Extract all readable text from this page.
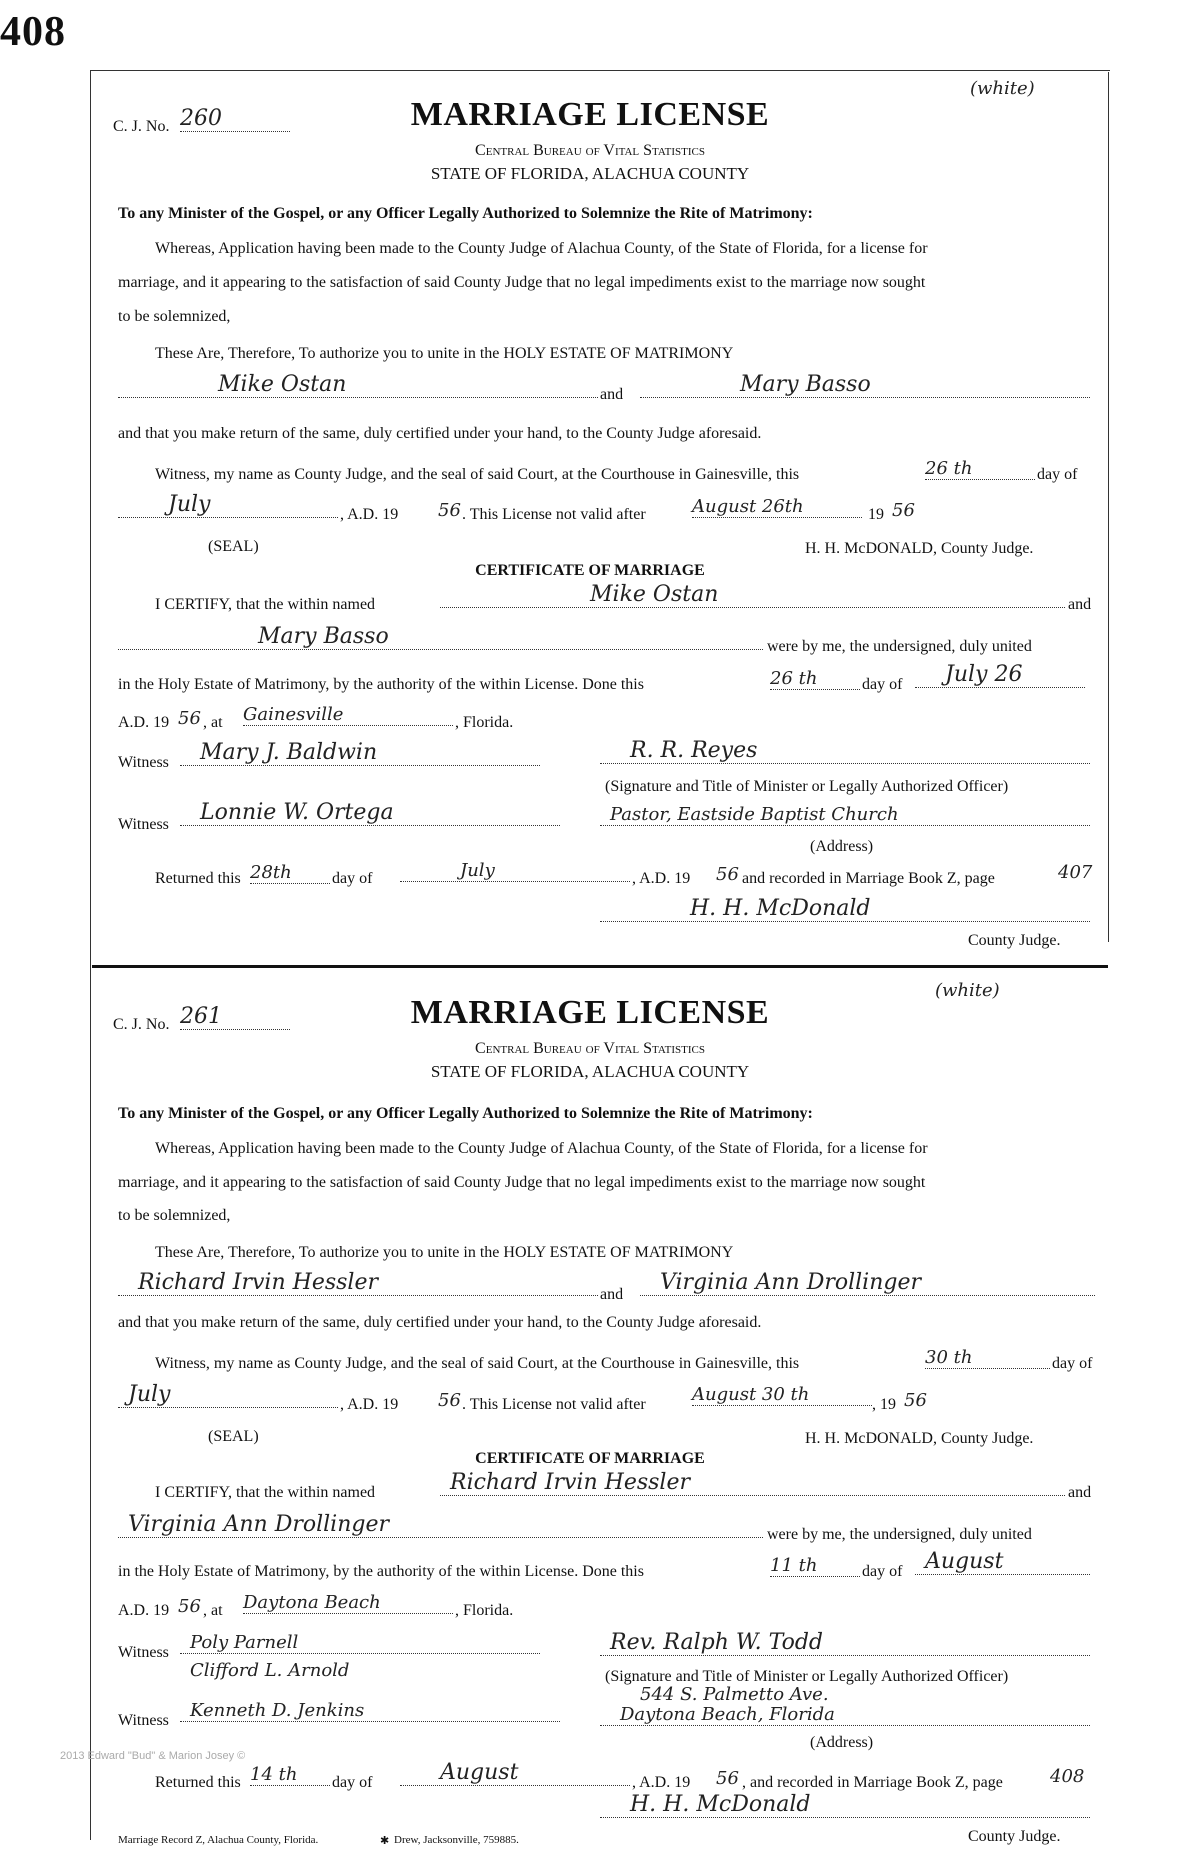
408
C. J. No. 260
(white)
MARRIAGE LICENSE
Central Bureau of Vital Statistics
STATE OF FLORIDA, ALACHUA COUNTY
To any Minister of the Gospel, or any Officer Legally Authorized to Solemnize the Rite of Matrimony:
Whereas, Application having been made to the County Judge of Alachua County, of the State of Florida, for a license for
marriage, and it appearing to the satisfaction of said County Judge that no legal impediments exist to the marriage now sought
to be solemnized,
These Are, Therefore, To authorize you to unite in the HOLY ESTATE OF MATRIMONY
Mike Ostan	and	Mary Basso
and that you make return of the same, duly certified under your hand, to the County Judge aforesaid.
Witness, my name as County Judge, and the seal of said Court, at the Courthouse in Gainesville, this	26 th	day of
July	, A.D. 19 56 . This License not valid after	August 26th	19 56
(SEAL)	H. H. McDONALD, County Judge.
CERTIFICATE OF MARRIAGE
I CERTIFY, that the within named	Mike Ostan	and
Mary Basso	were by me, the undersigned, duly united
in the Holy Estate of Matrimony, by the authority of the within License. Done this	26 th	day of	July 26
A.D. 19 56 , at Gainesville	, Florida.
Witness	Mary J. Baldwin	R. R. Reyes
(Signature and Title of Minister or Legally Authorized Officer)
Witness	Lonnie W. Ortega	Pastor, Eastside Baptist Church
(Address)
Returned this 28th	day of	July	, A.D. 19 56 and recorded in Marriage Book Z, page	407
H. H. McDonald
County Judge.
C. J. No. 261
(white)
MARRIAGE LICENSE
Central Bureau of Vital Statistics
STATE OF FLORIDA, ALACHUA COUNTY
To any Minister of the Gospel, or any Officer Legally Authorized to Solemnize the Rite of Matrimony:
Whereas, Application having been made to the County Judge of Alachua County, of the State of Florida, for a license for
marriage, and it appearing to the satisfaction of said County Judge that no legal impediments exist to the marriage now sought
to be solemnized,
These Are, Therefore, To authorize you to unite in the HOLY ESTATE OF MATRIMONY
Richard Irvin Hessler	and	Virginia Ann Drollinger
and that you make return of the same, duly certified under your hand, to the County Judge aforesaid.
Witness, my name as County Judge, and the seal of said Court, at the Courthouse in Gainesville, this	30 th	day of
July	, A.D. 19 56 . This License not valid after	August 30 th	, 19 56
(SEAL)	H. H. McDONALD, County Judge.
CERTIFICATE OF MARRIAGE
I CERTIFY, that the within named	Richard Irvin Hessler	and
Virginia Ann Drollinger	were by me, the undersigned, duly united
in the Holy Estate of Matrimony, by the authority of the within License. Done this	11 th	day of	August
A.D. 19 56 , at Daytona Beach	, Florida.
Witness	Poly Parnell
Clifford L. Arnold
Rev. Ralph W. Todd
(Signature and Title of Minister or Legally Authorized Officer)
544 S. Palmetto Ave.
Witness	Kenneth D. Jenkins	Daytona Beach, Florida
(Address)
2013 Edward "Bud" & Marion Josey ©
Returned this 14 th	day of	August	, A.D. 19 56 , and recorded in Marriage Book Z, page	408
H. H. McDonald
County Judge.
Marriage Record Z, Alachua County, Florida.	✱ Drew, Jacksonville, 759885.
